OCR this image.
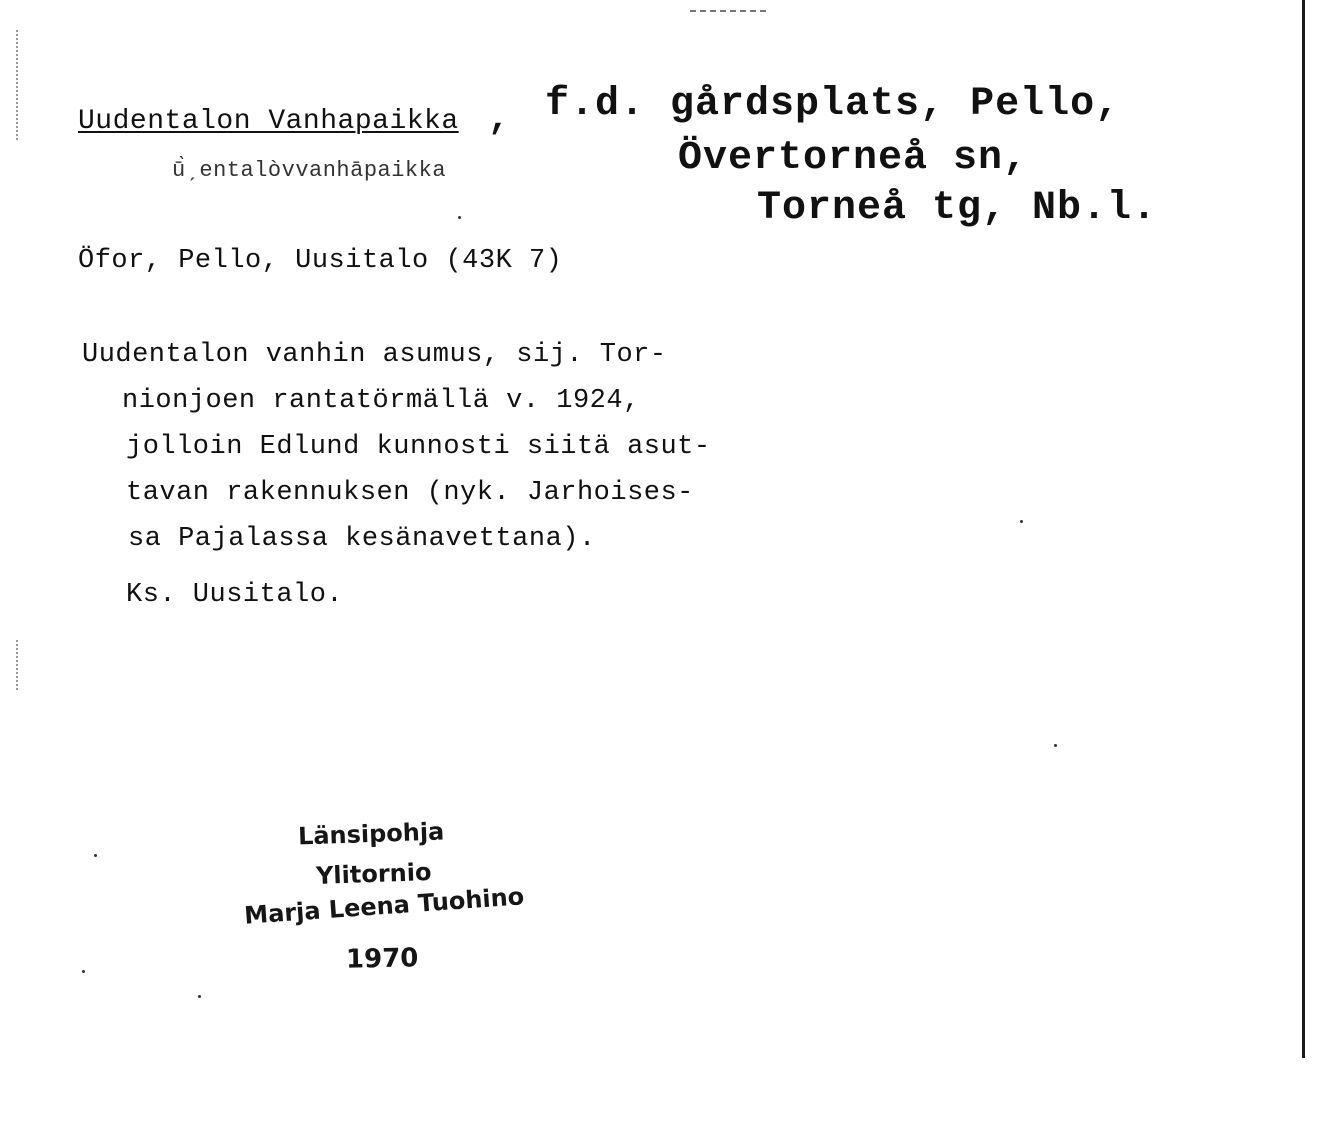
Uudentalon Vanhapaikka , f.d. gårdsplats, Pello,
Övertorneå sn,
Torneå tg, Nb.l.
ū̀ˏentalòvvanhāpaikka
Öfor, Pello, Uusitalo (43K 7)
Uudentalon vanhin asumus, sij. Tor-
nionjoen rantatörmällä v. 1924,
jolloin Edlund kunnosti siitä asut-
tavan rakennuksen (nyk. Jarhoises-
sa Pajalassa kesänavettana).
Ks. Uusitalo.
Länsipohja
Ylitornio
Marja Leena Tuohino
1970
